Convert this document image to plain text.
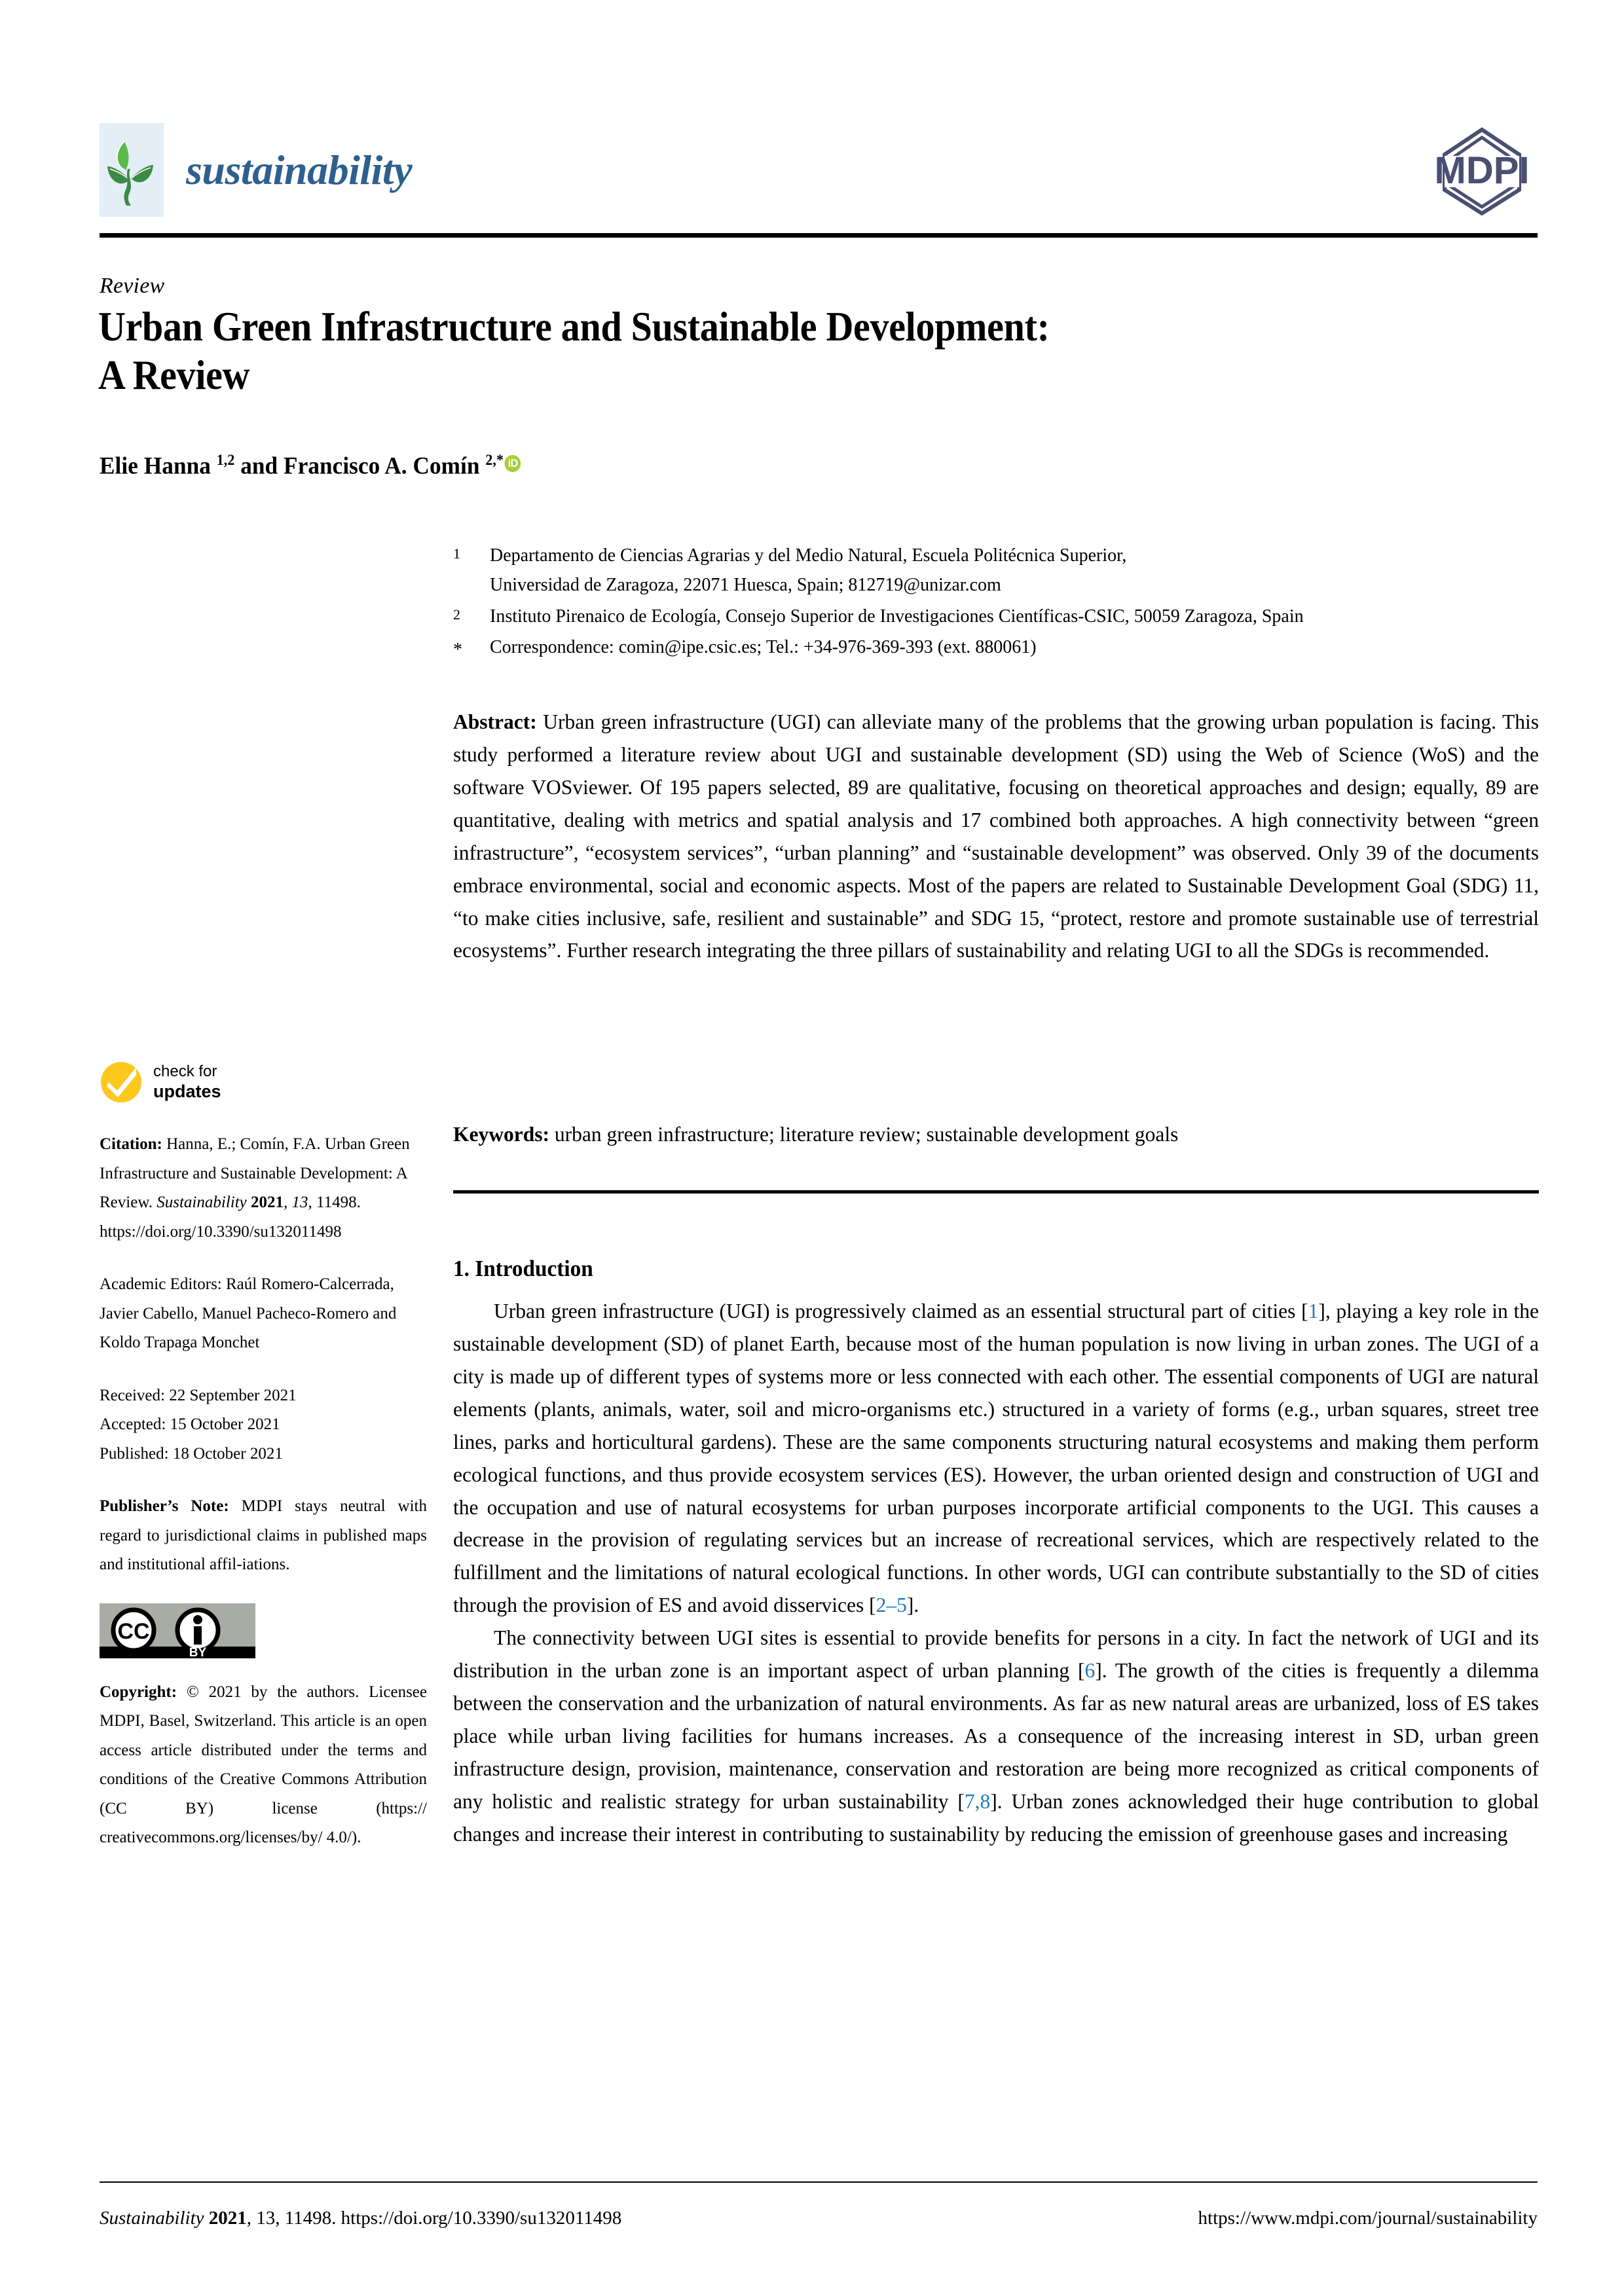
sustainability	MDPI
Review
Urban Green Infrastructure and Sustainable Development:
A Review
Elie Hanna $^{1,2}$ and Francisco A. Comín $^{2,*}$ iD
1	Departamento de Ciencias Agrarias y del Medio Natural, Escuela Politécnica Superior,
Universidad de Zaragoza, 22071 Huesca, Spain; 812719@unizar.com
2	Instituto Pirenaico de Ecología, Consejo Superior de Investigaciones Científicas-CSIC, 50059 Zaragoza, Spain
*	Correspondence: comin@ipe.csic.es; Tel.: +34-976-369-393 (ext. 880061)
Abstract: Urban green infrastructure (UGI) can alleviate many of the problems that the growing urban population is facing. This study performed a literature review about UGI and sustainable development (SD) using the Web of Science (WoS) and the software VOSviewer. Of 195 papers selected, 89 are qualitative, focusing on theoretical approaches and design; equally, 89 are quantitative, dealing with metrics and spatial analysis and 17 combined both approaches. A high connectivity between “green infrastructure”, “ecosystem services”, “urban planning” and “sustainable development” was observed. Only 39 of the documents embrace environmental, social and economic aspects. Most of the papers are related to Sustainable Development Goal (SDG) 11, “to make cities inclusive, safe, resilient and sustainable” and SDG 15, “protect, restore and promote sustainable use of terrestrial ecosystems”. Further research integrating the three pillars of sustainability and relating UGI to all the SDGs is recommended.
Keywords: urban green infrastructure; literature review; sustainable development goals
1. Introduction

Urban green infrastructure (UGI) is progressively claimed as an essential structural part of cities [1], playing a key role in the sustainable development (SD) of planet Earth, because most of the human population is now living in urban zones. The UGI of a city is made up of different types of systems more or less connected with each other. The essential components of UGI are natural elements (plants, animals, water, soil and micro-organisms etc.) structured in a variety of forms (e.g., urban squares, street tree lines, parks and horticultural gardens). These are the same components structuring natural ecosystems and making them perform ecological functions, and thus provide ecosystem services (ES). However, the urban oriented design and construction of UGI and the occupation and use of natural ecosystems for urban purposes incorporate artificial components to the UGI. This causes a decrease in the provision of regulating services but an increase of recreational services, which are respectively related to the fulfillment and the limitations of natural ecological functions. In other words, UGI can contribute substantially to the SD of cities through the provision of ES and avoid disservices [2–5].

The connectivity between UGI sites is essential to provide benefits for persons in a city. In fact the network of UGI and its distribution in the urban zone is an important aspect of urban planning [6]. The growth of the cities is frequently a dilemma between the conservation and the urbanization of natural environments. As far as new natural areas are urbanized, loss of ES takes place while urban living facilities for humans increases. As a consequence of the increasing interest in SD, urban green infrastructure design, provision, maintenance, conservation and restoration are being more recognized as critical components of any holistic and realistic strategy for urban sustainability [7,8]. Urban zones acknowledged their huge contribution to global changes and increase their interest in contributing to sustainability by reducing the emission of greenhouse gases and increasing

check for
updates
Citation: Hanna, E.; Comín, F.A. Urban Green Infrastructure and Sustainable Development: A Review. Sustainability 2021, 13, 11498.
https://doi.org/10.3390/su132011498
Academic Editors: Raúl Romero-Calcerrada, Javier Cabello, Manuel Pacheco-Romero and Koldo Trapaga Monchet
Received: 22 September 2021
Accepted: 15 October 2021
Published: 18 October 2021
Publisher’s Note: MDPI stays neutral with regard to jurisdictional claims in published maps and institutional affil-iations.
CC
BY
Copyright: © 2021 by the authors. Licensee MDPI, Basel, Switzerland. This article is an open access article distributed under the terms and conditions of the Creative Commons Attribution (CC BY) license (https:// creativecommons.org/licenses/by/ 4.0/).
Sustainability 2021, 13, 11498. https://doi.org/10.3390/su132011498	https://www.mdpi.com/journal/sustainability
